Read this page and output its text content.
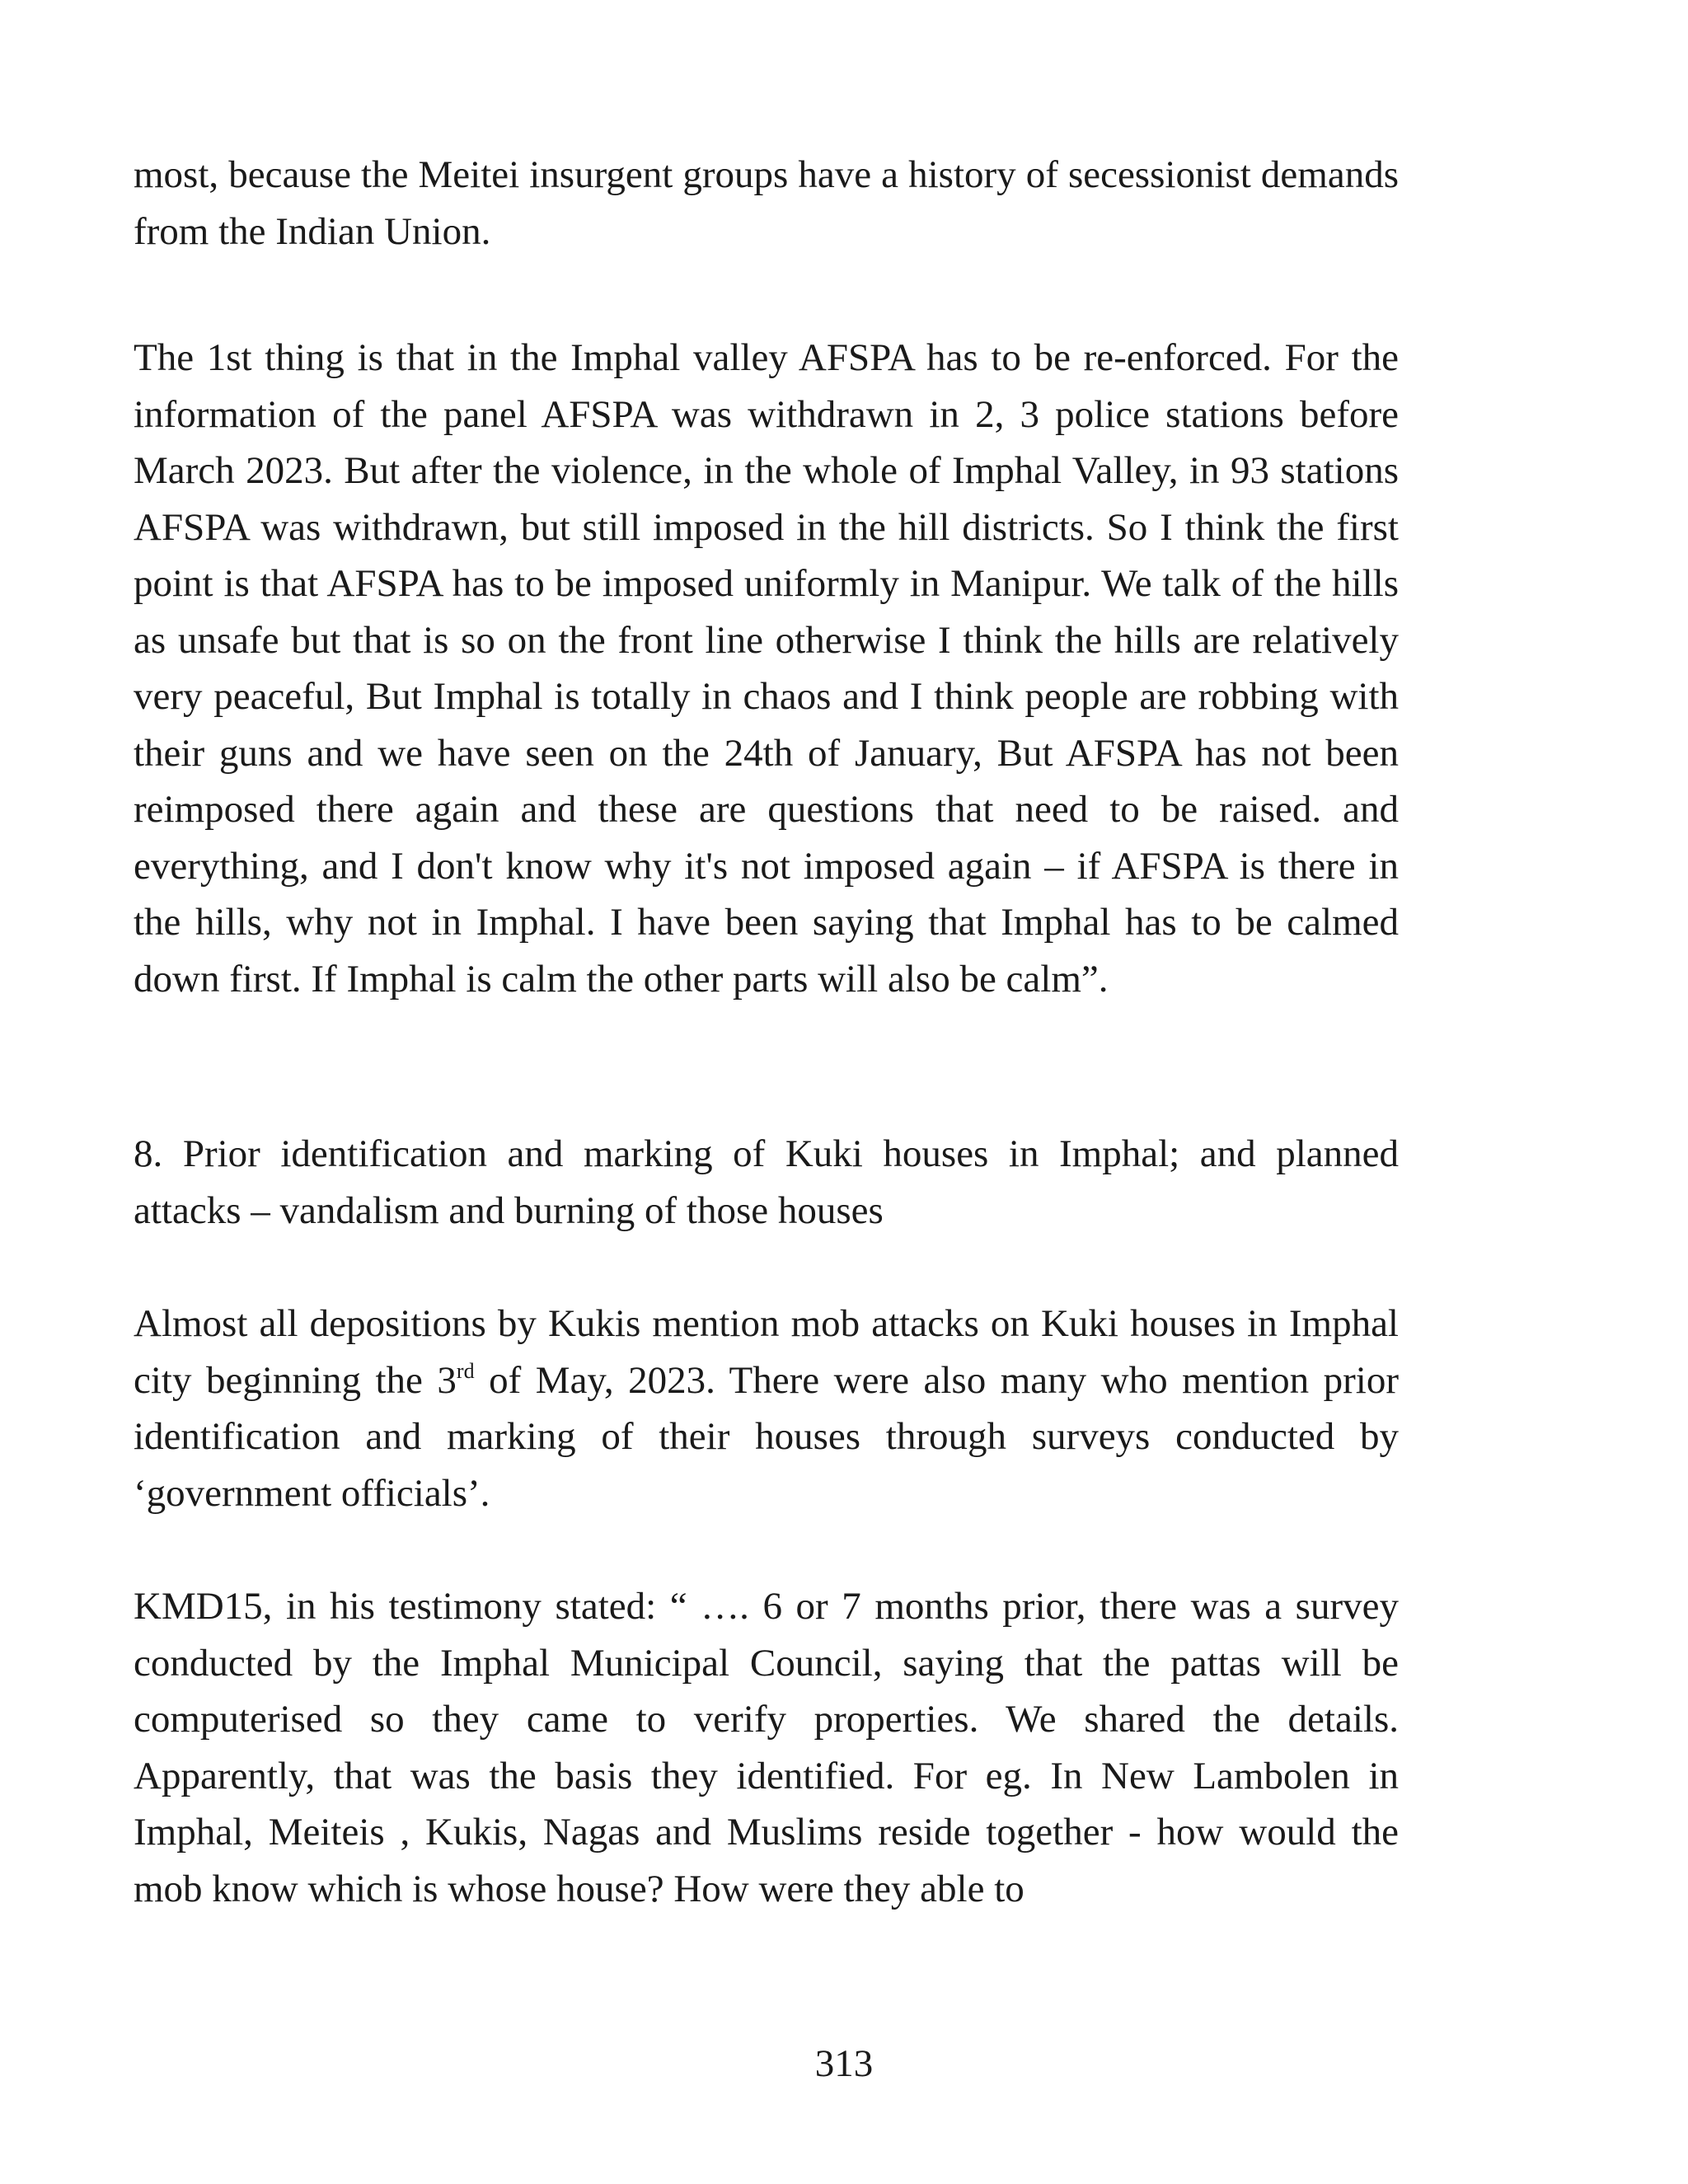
most, because the Meitei insurgent groups have a history of secessionist demands from the Indian Union.

The 1st thing is that in the Imphal valley AFSPA has to be re-enforced. For the information of the panel AFSPA was withdrawn in 2, 3 police stations before March 2023. But after the violence, in the whole of Imphal Valley, in 93 stations AFSPA was withdrawn, but still imposed in the hill districts. So I think the first point is that AFSPA has to be imposed uniformly in Manipur. We talk of the hills as unsafe but that is so on the front line otherwise I think the hills are relatively very peaceful, But Imphal is totally in chaos and I think people are robbing with their guns and we have seen on the 24th of January, But AFSPA has not been reimposed there again and these are questions that need to be raised. and everything, and I don't know why it's not imposed again – if AFSPA is there in the hills, why not in Imphal. I have been saying that Imphal has to be calmed down first. If Imphal is calm the other parts will also be calm”.

8. Prior identification and marking of Kuki houses in Imphal; and planned attacks – vandalism and burning of those houses

Almost all depositions by Kukis mention mob attacks on Kuki houses in Imphal city beginning the 3rd of May, 2023. There were also many who mention prior identification and marking of their houses through surveys conducted by ‘government officials’.

KMD15, in his testimony stated: “ …. 6 or 7 months prior, there was a survey conducted by the Imphal Municipal Council, saying that the pattas will be computerised so they came to verify properties. We shared the details. Apparently, that was the basis they identified. For eg. In New Lambolen in Imphal, Meiteis , Kukis, Nagas and Muslims reside together - how would the mob know which is whose house? How were they able to

313
